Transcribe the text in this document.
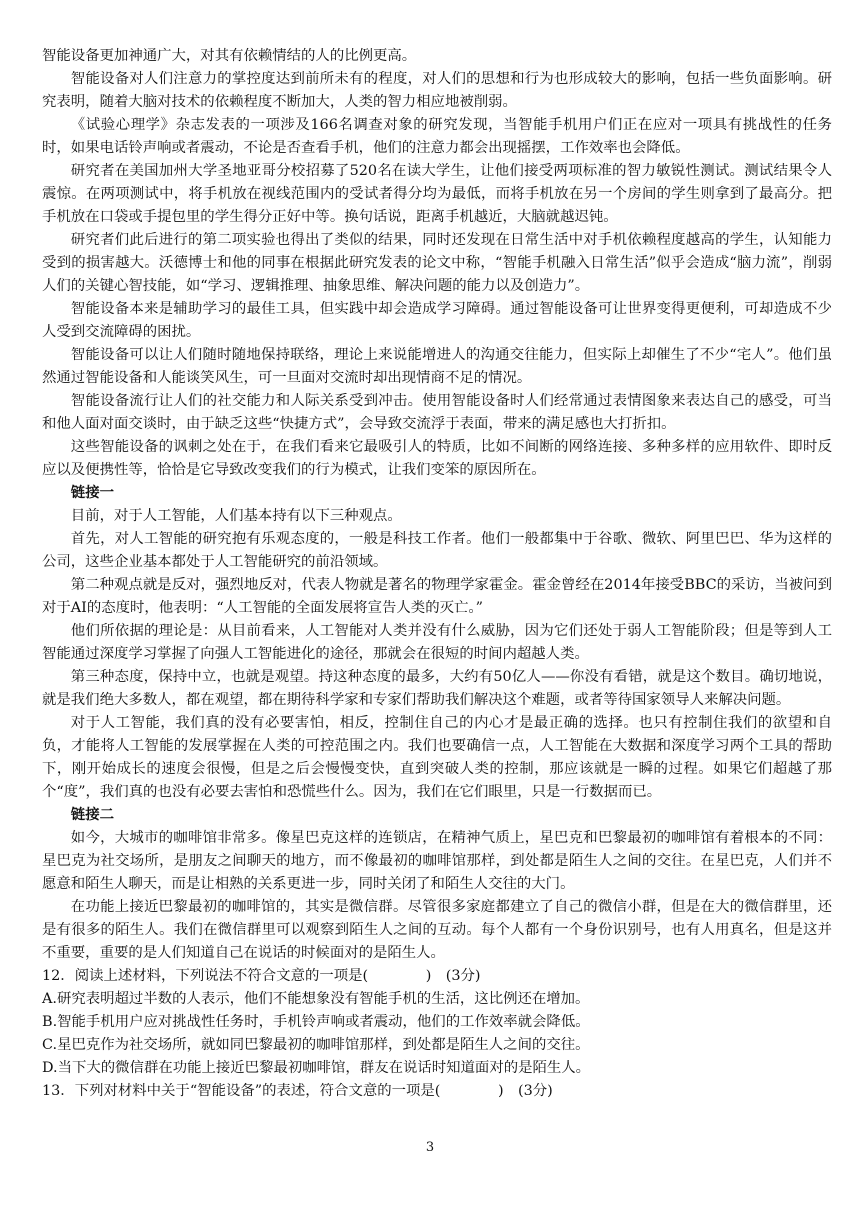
智能设备更加神通广大，对其有依赖情结的人的比例更高。

智能设备对人们注意力的掌控度达到前所未有的程度，对人们的思想和行为也形成较大的影响，包括一些负面影响。研究表明，随着大脑对技术的依赖程度不断加大，人类的智力相应地被削弱。

《试验心理学》杂志发表的一项涉及166名调查对象的研究发现，当智能手机用户们正在应对一项具有挑战性的任务时，如果电话铃声响或者震动，不论是否查看手机，他们的注意力都会出现摇摆，工作效率也会降低。

研究者在美国加州大学圣地亚哥分校招募了520名在读大学生，让他们接受两项标准的智力敏锐性测试。测试结果令人震惊。在两项测试中，将手机放在视线范围内的受试者得分均为最低，而将手机放在另一个房间的学生则拿到了最高分。把手机放在口袋或手提包里的学生得分正好中等。换句话说，距离手机越近，大脑就越迟钝。

研究者们此后进行的第二项实验也得出了类似的结果，同时还发现在日常生活中对手机依赖程度越高的学生，认知能力受到的损害越大。沃德博士和他的同事在根据此研究发表的论文中称，“智能手机融入日常生活”似乎会造成“脑力流”，削弱人们的关键心智技能，如“学习、逻辑推理、抽象思维、解决问题的能力以及创造力”。

智能设备本来是辅助学习的最佳工具，但实践中却会造成学习障碍。通过智能设备可让世界变得更便利，可却造成不少人受到交流障碍的困扰。

智能设备可以让人们随时随地保持联络，理论上来说能增进人的沟通交往能力，但实际上却催生了不少“宅人”。他们虽然通过智能设备和人能谈笑风生，可一旦面对交流时却出现情商不足的情况。

智能设备流行让人们的社交能力和人际关系受到冲击。使用智能设备时人们经常通过表情图象来表达自己的感受，可当和他人面对面交谈时，由于缺乏这些“快捷方式”，会导致交流浮于表面，带来的满足感也大打折扣。

这些智能设备的讽刺之处在于，在我们看来它最吸引人的特质，比如不间断的网络连接、多种多样的应用软件、即时反应以及便携性等，恰恰是它导致改变我们的行为模式，让我们变笨的原因所在。

链接一

目前，对于人工智能，人们基本持有以下三种观点。

首先，对人工智能的研究抱有乐观态度的，一般是科技工作者。他们一般都集中于谷歌、微软、阿里巴巴、华为这样的公司，这些企业基本都处于人工智能研究的前沿领域。

第二种观点就是反对，强烈地反对，代表人物就是著名的物理学家霍金。霍金曾经在2014年接受BBC的采访，当被问到对于AI的态度时，他表明：“人工智能的全面发展将宣告人类的灭亡。”

他们所依据的理论是：从目前看来，人工智能对人类并没有什么威胁，因为它们还处于弱人工智能阶段；但是等到人工智能通过深度学习掌握了向强人工智能进化的途径，那就会在很短的时间内超越人类。

第三种态度，保持中立，也就是观望。持这种态度的最多，大约有50亿人——你没有看错，就是这个数目。确切地说，就是我们绝大多数人，都在观望，都在期待科学家和专家们帮助我们解决这个难题，或者等待国家领导人来解决问题。

对于人工智能，我们真的没有必要害怕，相反，控制住自己的内心才是最正确的选择。也只有控制住我们的欲望和自负，才能将人工智能的发展掌握在人类的可控范围之内。我们也要确信一点，人工智能在大数据和深度学习两个工具的帮助下，刚开始成长的速度会很慢，但是之后会慢慢变快，直到突破人类的控制，那应该就是一瞬的过程。如果它们超越了那个“度”，我们真的也没有必要去害怕和恐慌些什么。因为，我们在它们眼里，只是一行数据而已。

链接二

如今，大城市的咖啡馆非常多。像星巴克这样的连锁店，在精神气质上，星巴克和巴黎最初的咖啡馆有着根本的不同：星巴克为社交场所，是朋友之间聊天的地方，而不像最初的咖啡馆那样，到处都是陌生人之间的交往。在星巴克，人们并不愿意和陌生人聊天，而是让相熟的关系更进一步，同时关闭了和陌生人交往的大门。

在功能上接近巴黎最初的咖啡馆的，其实是微信群。尽管很多家庭都建立了自己的微信小群，但是在大的微信群里，还是有很多的陌生人。我们在微信群里可以观察到陌生人之间的互动。每个人都有一个身份识别号，也有人用真名，但是这并不重要，重要的是人们知道自己在说话的时候面对的是陌生人。

12．阅读上述材料，下列说法不符合文意的一项是(　　　　)　(3分)

A.研究表明超过半数的人表示，他们不能想象没有智能手机的生活，这比例还在增加。

B.智能手机用户应对挑战性任务时，手机铃声响或者震动，他们的工作效率就会降低。

C.星巴克作为社交场所，就如同巴黎最初的咖啡馆那样，到处都是陌生人之间的交往。

D.当下大的微信群在功能上接近巴黎最初咖啡馆，群友在说话时知道面对的是陌生人。

13．下列对材料中关于“智能设备”的表述，符合文意的一项是(　　　　)　(3分)

3
